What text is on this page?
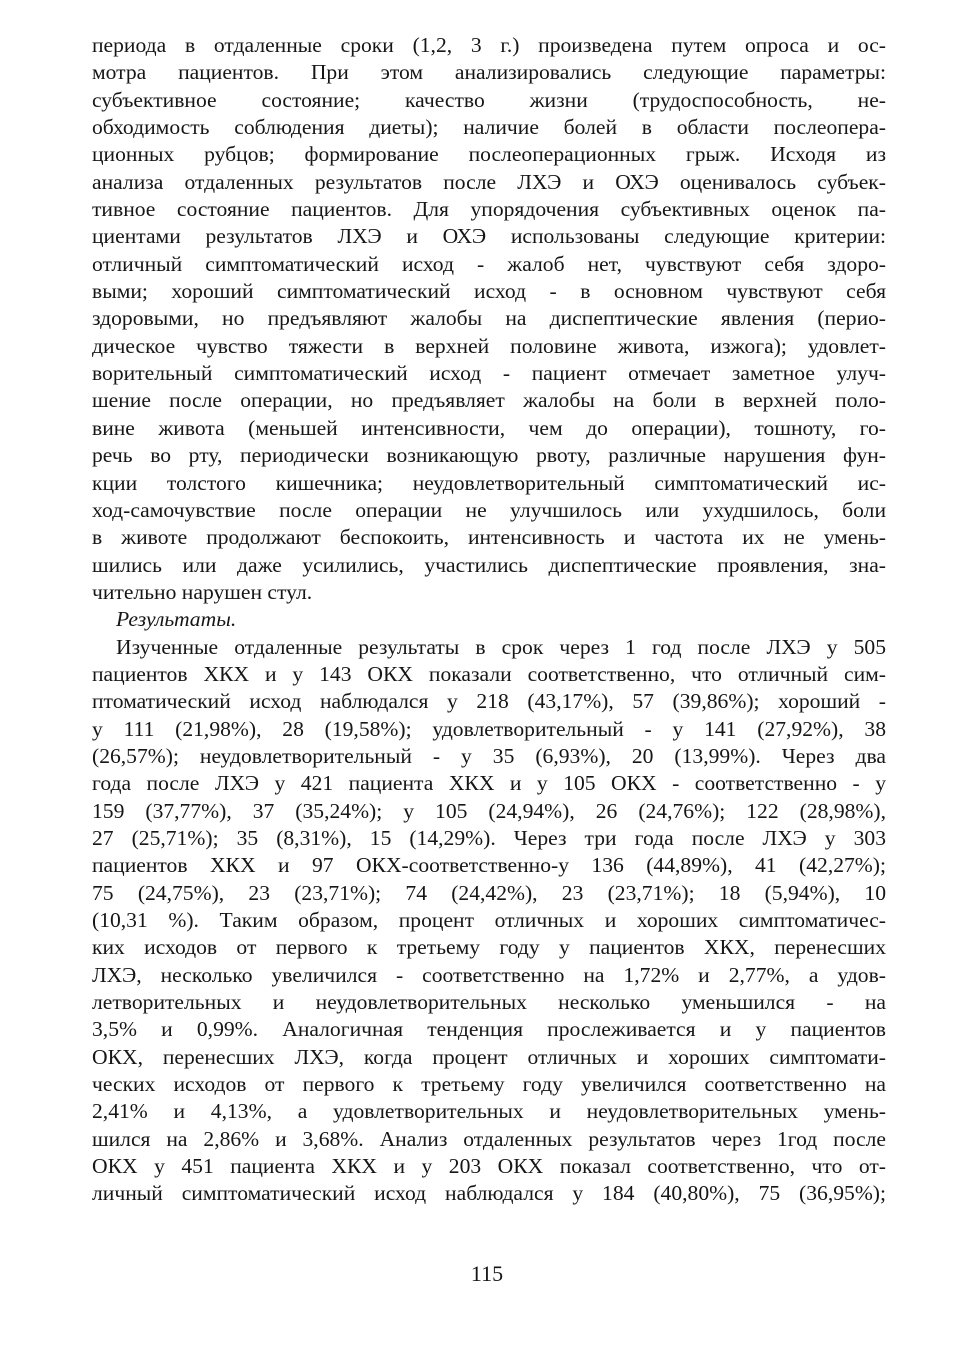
периода в отдаленные сроки (1,2, 3 г.) произведена путем опроса и ос-
мотра пациентов. При этом анализировались следующие параметры:
субъективное состояние; качество жизни (трудоспособность, не-
обходимость соблюдения диеты); наличие болей в области послеопера-
ционных рубцов; формирование послеоперационных грыж. Исходя из
анализа отдаленных результатов после ЛХЭ и ОХЭ оценивалось субъек-
тивное состояние пациентов. Для упорядочения субъективных оценок па-
циентами результатов ЛХЭ и ОХЭ использованы следующие критерии:
отличный симптоматический исход - жалоб нет, чувствуют себя здоро-
выми; хороший симптоматический исход - в основном чувствуют себя
здоровыми, но предъявляют жалобы на диспептические явления (перио-
дическое чувство тяжести в верхней половине живота, изжога); удовлет-
ворительный симптоматический исход - пациент отмечает заметное улуч-
шение после операции, но предъявляет жалобы на боли в верхней поло-
вине живота (меньшей интенсивности, чем до операции), тошноту, го-
речь во рту, периодически возникающую рвоту, различные нарушения фун-
кции толстого кишечника; неудовлетворительный симптоматический ис-
ход-самочувствие после операции не улучшилось или ухудшилось, боли
в животе продолжают беспокоить, интенсивность и частота их не умень-
шились или даже усилились, участились диспептические проявления, зна-
чительно нарушен стул.
Результаты.
Изученные отдаленные результаты в срок через 1 год после ЛХЭ у 505
пациентов ХКХ и у 143 ОКХ показали соответственно, что отличный сим-
птоматический исход наблюдался у 218 (43,17%), 57 (39,86%); хороший -
у 111 (21,98%), 28 (19,58%); удовлетворительный - у 141 (27,92%), 38
(26,57%); неудовлетворительный - у 35 (6,93%), 20 (13,99%). Через два
года после ЛХЭ у 421 пациента ХКХ и у 105 ОКХ - соответственно - у
159 (37,77%), 37 (35,24%); у 105 (24,94%), 26 (24,76%); 122 (28,98%),
27 (25,71%); 35 (8,31%), 15 (14,29%). Через три года после ЛХЭ у 303
пациентов ХКХ и 97 ОКХ-соответственно-у 136 (44,89%), 41 (42,27%);
75 (24,75%), 23 (23,71%); 74 (24,42%), 23 (23,71%); 18 (5,94%), 10
(10,31 %). Таким образом, процент отличных и хороших симптоматичес-
ких исходов от первого к третьему году у пациентов ХКХ, перенесших
ЛХЭ, несколько увеличился - соответственно на 1,72% и 2,77%, а удов-
летворительных и неудовлетворительных несколько уменьшился - на
3,5% и 0,99%. Аналогичная тенденция прослеживается и у пациентов
ОКХ, перенесших ЛХЭ, когда процент отличных и хороших симптомати-
ческих исходов от первого к третьему году увеличился соответственно на
2,41% и 4,13%, а удовлетворительных и неудовлетворительных умень-
шился на 2,86% и 3,68%. Анализ отдаленных результатов через 1год после
ОКХ у 451 пациента ХКХ и у 203 ОКХ показал соответственно, что от-
личный симптоматический исход наблюдался у 184 (40,80%), 75 (36,95%);
115
